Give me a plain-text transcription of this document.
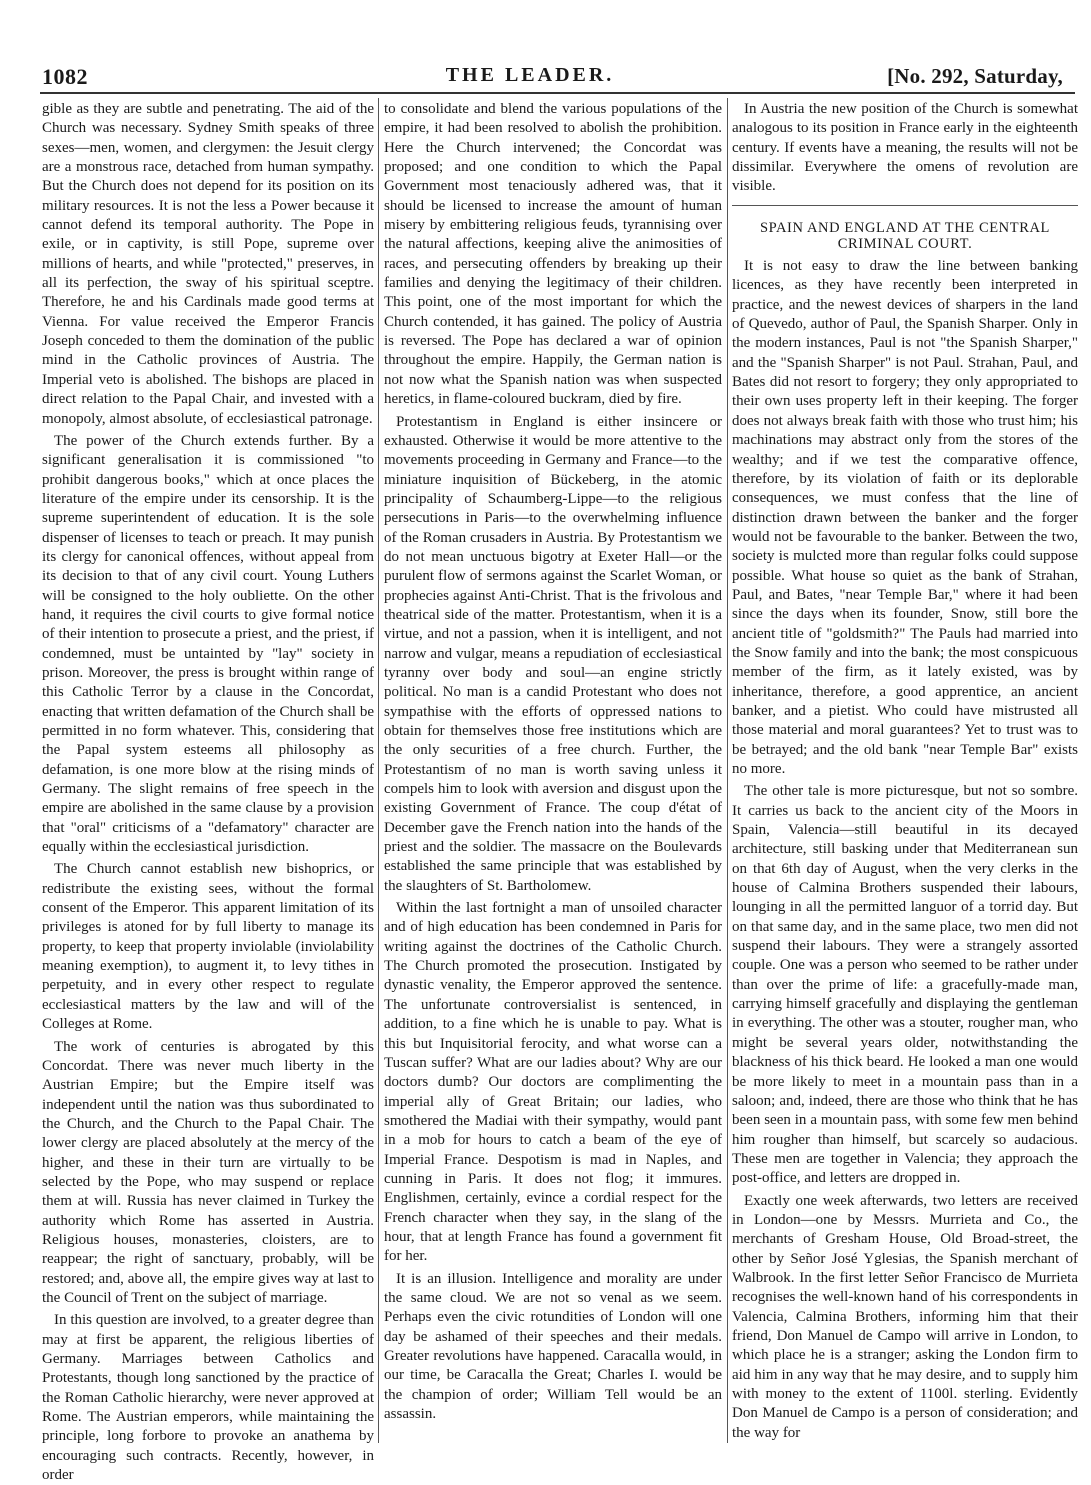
1082	THE LEADER.	[No. 292, Saturday,

gible as they are subtle and penetrating. The aid of the Church was necessary. Sydney Smith speaks of three sexes—men, women, and clergymen: the Jesuit clergy are a monstrous race, detached from human sympathy. But the Church does not depend for its position on its military resources. It is not the less a Power because it cannot defend its temporal authority. The Pope in exile, or in captivity, is still Pope, supreme over millions of hearts, and while "protected," preserves, in all its perfection, the sway of his spiritual sceptre. Therefore, he and his Cardinals made good terms at Vienna. For value received the Emperor Francis Joseph conceded to them the domination of the public mind in the Catholic provinces of Austria. The Imperial veto is abolished. The bishops are placed in direct relation to the Papal Chair, and invested with a monopoly, almost absolute, of ecclesiastical patronage.

The power of the Church extends further. By a significant generalisation it is commissioned "to prohibit dangerous books," which at once places the literature of the empire under its censorship. It is the supreme superintendent of education. It is the sole dispenser of licenses to teach or preach. It may punish its clergy for canonical offences, without appeal from its decision to that of any civil court. Young Luthers will be consigned to the holy oubliette. On the other hand, it requires the civil courts to give formal notice of their intention to prosecute a priest, and the priest, if condemned, must be untainted by "lay" society in prison. Moreover, the press is brought within range of this Catholic Terror by a clause in the Concordat, enacting that written defamation of the Church shall be permitted in no form whatever. This, considering that the Papal system esteems all philosophy as defamation, is one more blow at the rising minds of Germany. The slight remains of free speech in the empire are abolished in the same clause by a provision that "oral" criticisms of a "defamatory" character are equally within the ecclesiastical jurisdiction.

The Church cannot establish new bishoprics, or redistribute the existing sees, without the formal consent of the Emperor. This apparent limitation of its privileges is atoned for by full liberty to manage its property, to keep that property inviolable (inviolability meaning exemption), to augment it, to levy tithes in perpetuity, and in every other respect to regulate ecclesiastical matters by the law and will of the Colleges at Rome.

The work of centuries is abrogated by this Concordat. There was never much liberty in the Austrian Empire; but the Empire itself was independent until the nation was thus subordinated to the Church, and the Church to the Papal Chair. The lower clergy are placed absolutely at the mercy of the higher, and these in their turn are virtually to be selected by the Pope, who may suspend or replace them at will. Russia has never claimed in Turkey the authority which Rome has asserted in Austria. Religious houses, monasteries, cloisters, are to reappear; the right of sanctuary, probably, will be restored; and, above all, the empire gives way at last to the Council of Trent on the subject of marriage.

In this question are involved, to a greater degree than may at first be apparent, the religious liberties of Germany. Marriages between Catholics and Protestants, though long sanctioned by the practice of the Roman Catholic hierarchy, were never approved at Rome. The Austrian emperors, while maintaining the principle, long forbore to provoke an anathema by encouraging such contracts. Recently, however, in order

to consolidate and blend the various populations of the empire, it had been resolved to abolish the prohibition. Here the Church intervened; the Concordat was proposed; and one condition to which the Papal Government most tenaciously adhered was, that it should be licensed to increase the amount of human misery by embittering religious feuds, tyrannising over the natural affections, keeping alive the animosities of races, and persecuting offenders by breaking up their families and denying the legitimacy of their children. This point, one of the most important for which the Church contended, it has gained. The policy of Austria is reversed. The Pope has declared a war of opinion throughout the empire. Happily, the German nation is not now what the Spanish nation was when suspected heretics, in flame-coloured buckram, died by fire.

Protestantism in England is either insincere or exhausted. Otherwise it would be more attentive to the movements proceeding in Germany and France—to the miniature inquisition of Bückeberg, in the atomic principality of Schaumberg-Lippe—to the religious persecutions in Paris—to the overwhelming influence of the Roman crusaders in Austria. By Protestantism we do not mean unctuous bigotry at Exeter Hall—or the purulent flow of sermons against the Scarlet Woman, or prophecies against Anti-Christ. That is the frivolous and theatrical side of the matter. Protestantism, when it is a virtue, and not a passion, when it is intelligent, and not narrow and vulgar, means a repudiation of ecclesiastical tyranny over body and soul—an engine strictly political. No man is a candid Protestant who does not sympathise with the efforts of oppressed nations to obtain for themselves those free institutions which are the only securities of a free church. Further, the Protestantism of no man is worth saving unless it compels him to look with aversion and disgust upon the existing Government of France. The coup d'état of December gave the French nation into the hands of the priest and the soldier. The massacre on the Boulevards established the same principle that was established by the slaughters of St. Bartholomew.

Within the last fortnight a man of unsoiled character and of high education has been condemned in Paris for writing against the doctrines of the Catholic Church. The Church promoted the prosecution. Instigated by dynastic venality, the Emperor approved the sentence. The unfortunate controversialist is sentenced, in addition, to a fine which he is unable to pay. What is this but Inquisitorial ferocity, and what worse can a Tuscan suffer? What are our ladies about? Why are our doctors dumb? Our doctors are complimenting the imperial ally of Great Britain; our ladies, who smothered the Madiai with their sympathy, would pant in a mob for hours to catch a beam of the eye of Imperial France. Despotism is mad in Naples, and cunning in Paris. It does not flog; it immures. Englishmen, certainly, evince a cordial respect for the French character when they say, in the slang of the hour, that at length France has found a government fit for her.

It is an illusion. Intelligence and morality are under the same cloud. We are not so venal as we seem. Perhaps even the civic rotundities of London will one day be ashamed of their speeches and their medals. Greater revolutions have happened. Caracalla would, in our time, be Caracalla the Great; Charles I. would be the champion of order; William Tell would be an assassin.

In Austria the new position of the Church is somewhat analogous to its position in France early in the eighteenth century. If events have a meaning, the results will not be dissimilar. Everywhere the omens of revolution are visible.

SPAIN AND ENGLAND AT THE CENTRAL CRIMINAL COURT.

It is not easy to draw the line between banking licences, as they have recently been interpreted in practice, and the newest devices of sharpers in the land of Quevedo, author of Paul, the Spanish Sharper. Only in the modern instances, Paul is not "the Spanish Sharper," and the "Spanish Sharper" is not Paul. Strahan, Paul, and Bates did not resort to forgery; they only appropriated to their own uses property left in their keeping. The forger does not always break faith with those who trust him; his machinations may abstract only from the stores of the wealthy; and if we test the comparative offence, therefore, by its violation of faith or its deplorable consequences, we must confess that the line of distinction drawn between the banker and the forger would not be favourable to the banker. Between the two, society is mulcted more than regular folks could suppose possible. What house so quiet as the bank of Strahan, Paul, and Bates, "near Temple Bar," where it had been since the days when its founder, Snow, still bore the ancient title of "goldsmith?" The Pauls had married into the Snow family and into the bank; the most conspicuous member of the firm, as it lately existed, was by inheritance, therefore, a good apprentice, an ancient banker, and a pietist. Who could have mistrusted all those material and moral guarantees? Yet to trust was to be betrayed; and the old bank "near Temple Bar" exists no more.

The other tale is more picturesque, but not so sombre. It carries us back to the ancient city of the Moors in Spain, Valencia—still beautiful in its decayed architecture, still basking under that Mediterranean sun on that 6th day of August, when the very clerks in the house of Calmina Brothers suspended their labours, lounging in all the permitted languor of a torrid day. But on that same day, and in the same place, two men did not suspend their labours. They were a strangely assorted couple. One was a person who seemed to be rather under than over the prime of life: a gracefully-made man, carrying himself gracefully and displaying the gentleman in everything. The other was a stouter, rougher man, who might be several years older, notwithstanding the blackness of his thick beard. He looked a man one would be more likely to meet in a mountain pass than in a saloon; and, indeed, there are those who think that he has been seen in a mountain pass, with some few men behind him rougher than himself, but scarcely so audacious. These men are together in Valencia; they approach the post-office, and letters are dropped in.

Exactly one week afterwards, two letters are received in London—one by Messrs. Murrieta and Co., the merchants of Gresham House, Old Broad-street, the other by Señor José Yglesias, the Spanish merchant of Walbrook. In the first letter Señor Francisco de Murrieta recognises the well-known hand of his correspondents in Valencia, Calmina Brothers, informing him that their friend, Don Manuel de Campo will arrive in London, to which place he is a stranger; asking the London firm to aid him in any way that he may desire, and to supply him with money to the extent of 1100l. sterling. Evidently Don Manuel de Campo is a person of consideration; and the way for
